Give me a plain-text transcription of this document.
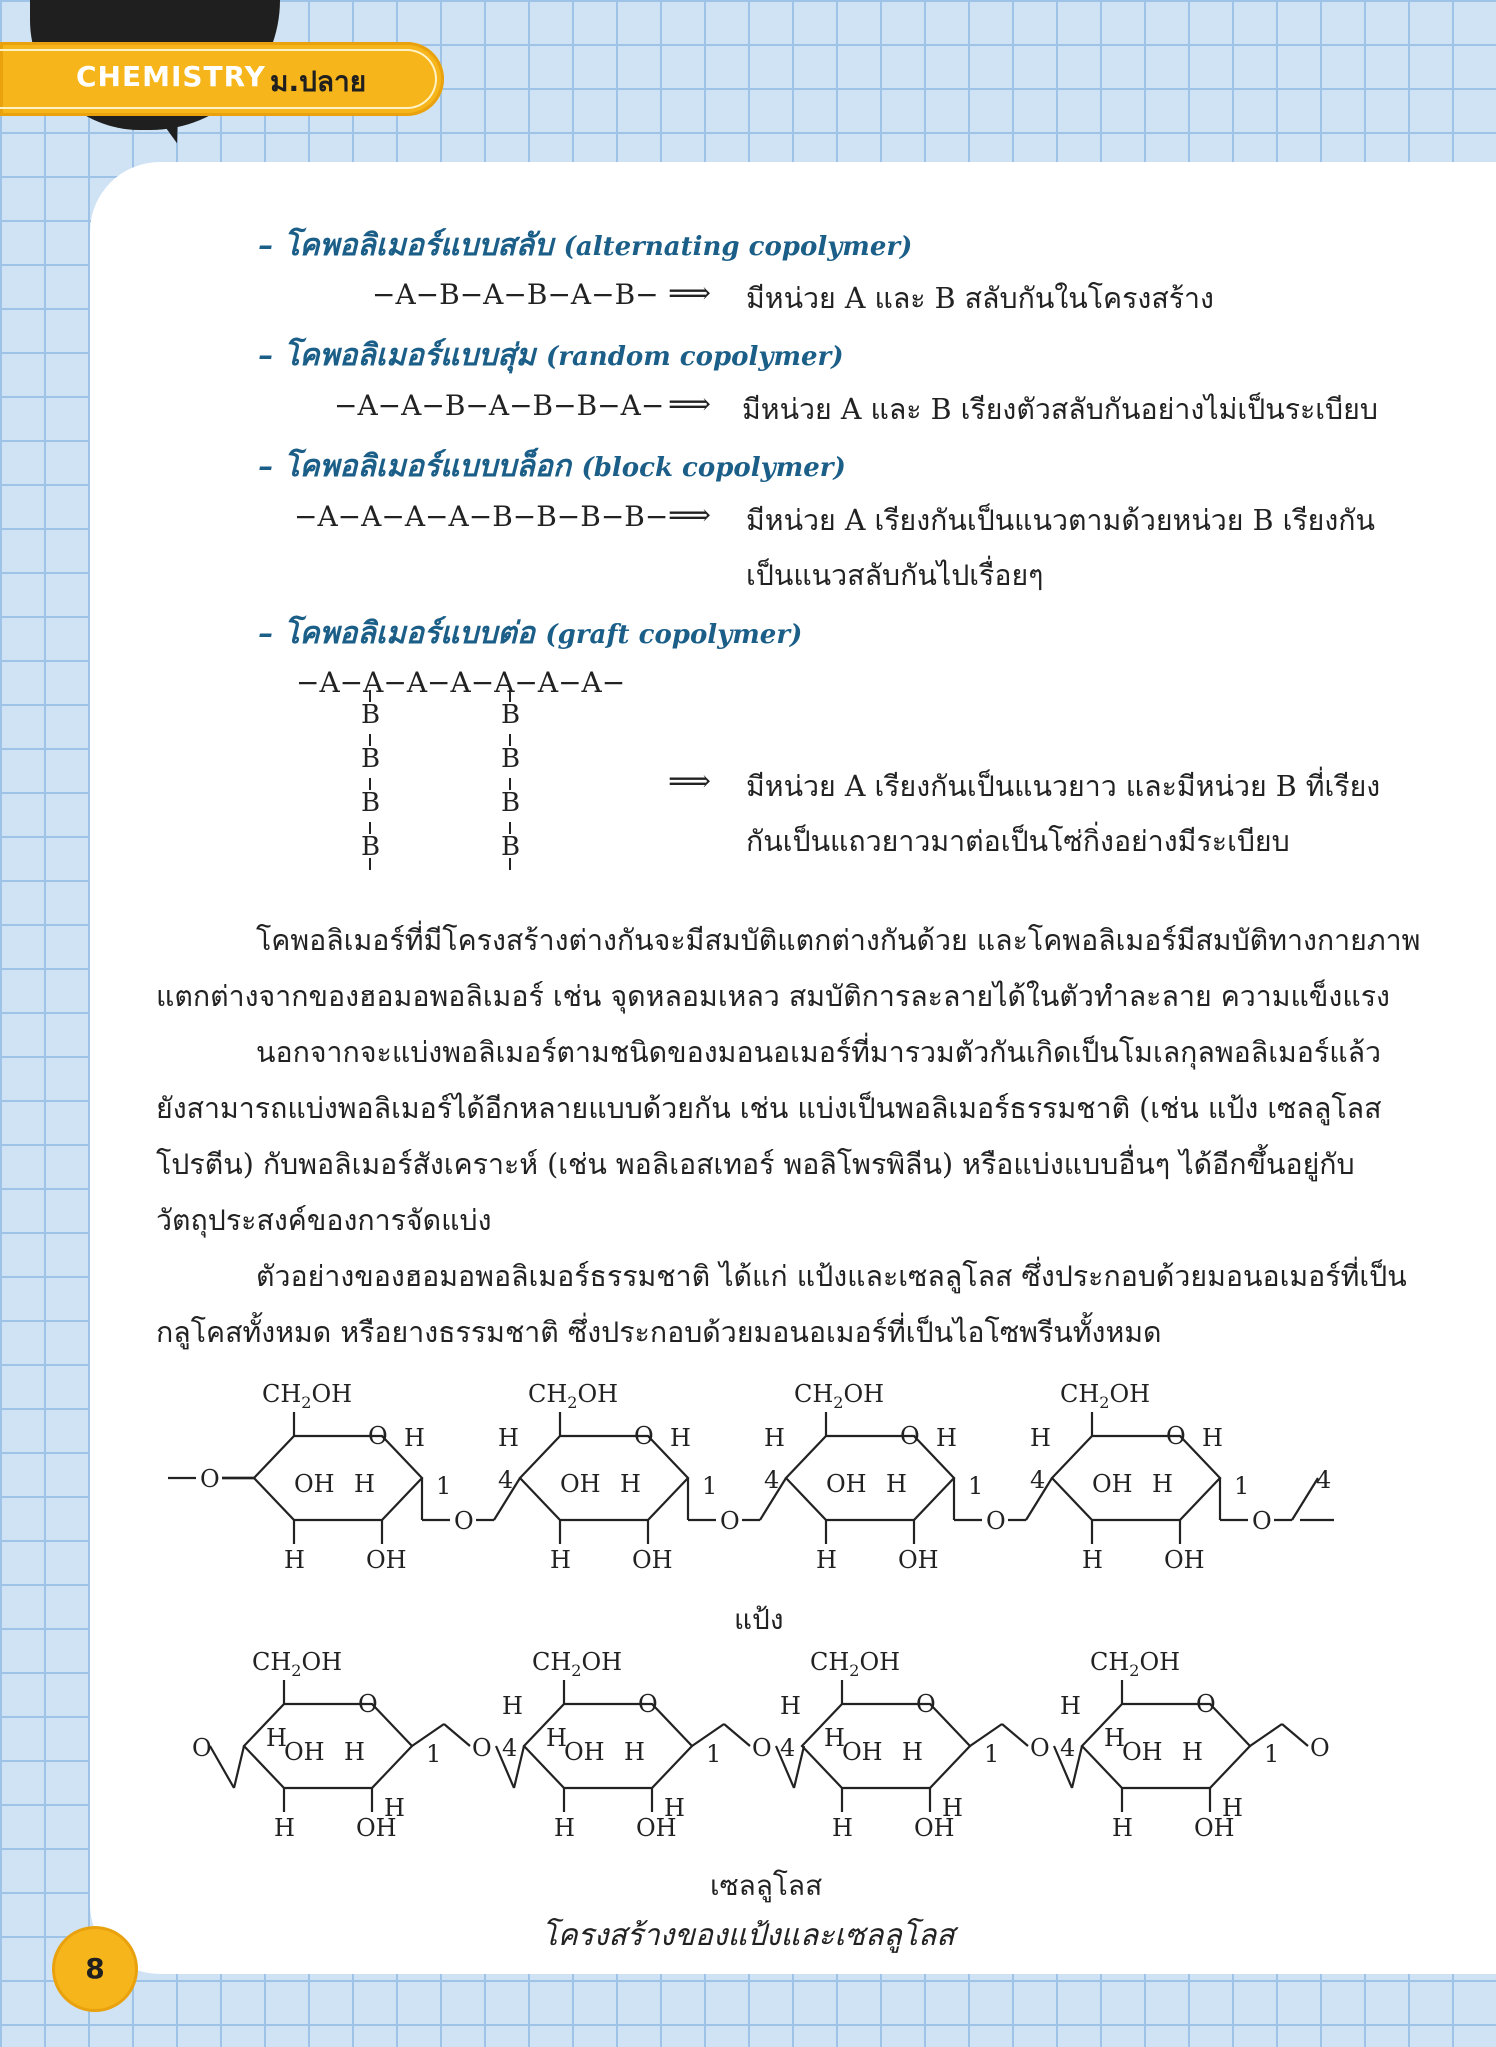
CHEMISTRY ม.ปลาย
– โคพอลิเมอร์แบบสลับ (alternating copolymer)
−A−B−A−B−A−B− ⟹ มีหน่วย A และ B สลับกันในโครงสร้าง
– โคพอลิเมอร์แบบสุ่ม (random copolymer)
−A−A−B−A−B−B−A− ⟹ มีหน่วย A และ B เรียงตัวสลับกันอย่างไม่เป็นระเบียบ
– โคพอลิเมอร์แบบบล็อก (block copolymer)
−A−A−A−A−B−B−B−B− ⟹ มีหน่วย A เรียงกันเป็นแนวตามด้วยหน่วย B เรียงกัน
เป็นแนวสลับกันไปเรื่อยๆ
– โคพอลิเมอร์แบบต่อ (graft copolymer)
−A−A−A−A−A−A−A−
B
B
B
B
B
B
B
B
⟹ มีหน่วย A เรียงกันเป็นแนวยาว และมีหน่วย B ที่เรียง
กันเป็นแถวยาวมาต่อเป็นโซ่กิ่งอย่างมีระเบียบ
โคพอลิเมอร์ที่มีโครงสร้างต่างกันจะมีสมบัติแตกต่างกันด้วย และโคพอลิเมอร์มีสมบัติทางกายภาพ
แตกต่างจากของฮอมอพอลิเมอร์ เช่น จุดหลอมเหลว สมบัติการละลายได้ในตัวทำละลาย ความแข็งแรง
นอกจากจะแบ่งพอลิเมอร์ตามชนิดของมอนอเมอร์ที่มารวมตัวกันเกิดเป็นโมเลกุลพอลิเมอร์แล้ว
ยังสามารถแบ่งพอลิเมอร์ได้อีกหลายแบบด้วยกัน เช่น แบ่งเป็นพอลิเมอร์ธรรมชาติ (เช่น แป้ง เซลลูโลส
โปรตีน) กับพอลิเมอร์สังเคราะห์ (เช่น พอลิเอสเทอร์ พอลิโพรพิลีน) หรือแบ่งแบบอื่นๆ ได้อีกขึ้นอยู่กับ
วัตถุประสงค์ของการจัดแบ่ง
ตัวอย่างของฮอมอพอลิเมอร์ธรรมชาติ ได้แก่ แป้งและเซลลูโลส ซึ่งประกอบด้วยมอนอเมอร์ที่เป็น
กลูโคสทั้งหมด หรือยางธรรมชาติ ซึ่งประกอบด้วยมอนอเมอร์ที่เป็นไอโซพรีนทั้งหมด
O
$CH_2OH$
O
OH H
H	OH
1
H
O
$CH_2OH$
O
OH H
H	OH
1
4
H	H
O
$CH_2OH$
O
OH H
H	OH
1
4
H	H
O
$CH_2OH$
O
OH H
H	OH
1
4
H	H
O
4
O
$CH_2OH$
O
OH H
H	OH
1
H
H
O
$CH_2OH$
O
OH H
H	OH
1
4
H
H
H
O
$CH_2OH$
O
OH H
H	OH
1
4
H
H
H
O
$CH_2OH$
O
OH H
H	OH
1
4
H
H
H
O
แป้ง
เซลลูโลส
โครงสร้างของแป้งและเซลลูโลส
8
